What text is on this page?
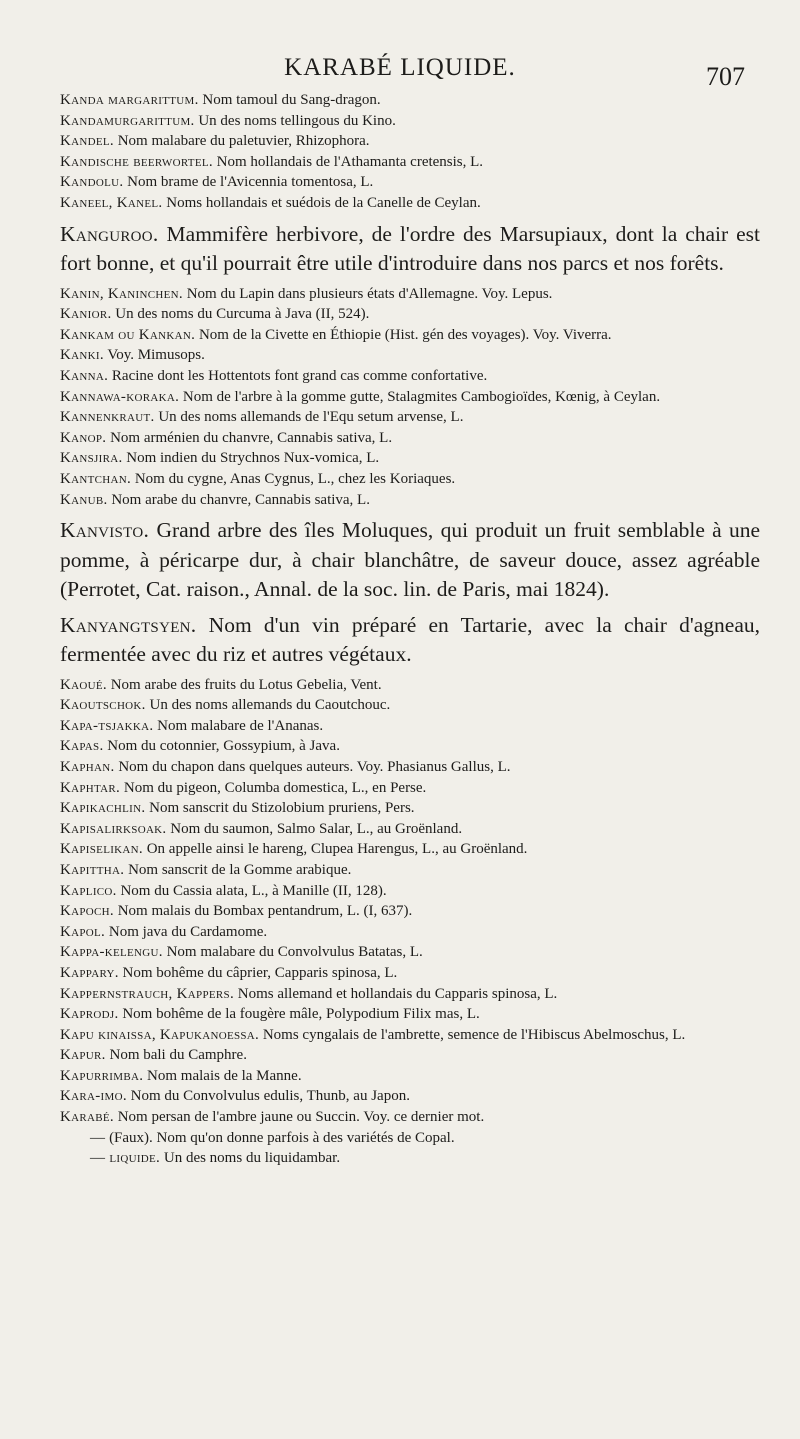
KARABÉ LIQUIDE.	707

Kanda margarittum. Nom tamoul du Sang-dragon.

Kandamurgarittum. Un des noms tellingous du Kino.

Kandel. Nom malabare du paletuvier, Rhizophora.

Kandische beerwortel. Nom hollandais de l'Athamanta cretensis, L.

Kandolu. Nom brame de l'Avicennia tomentosa, L.

Kaneel, Kanel. Noms hollandais et suédois de la Canelle de Ceylan.

Kanguroo. Mammifère herbivore, de l'ordre des Marsupiaux, dont la chair est fort bonne, et qu'il pourrait être utile d'introduire dans nos parcs et nos forêts.

Kanin, Kaninchen. Nom du Lapin dans plusieurs états d'Allemagne. Voy. Lepus.

Kanior. Un des noms du Curcuma à Java (II, 524).

Kankam ou Kankan. Nom de la Civette en Éthiopie (Hist. gén des voyages). Voy. Viverra.

Kanki. Voy. Mimusops.

Kanna. Racine dont les Hottentots font grand cas comme confortative.

Kannawa-koraka. Nom de l'arbre à la gomme gutte, Stalagmites Cambogioïdes, Kœnig, à Ceylan.

Kannenkraut. Un des noms allemands de l'Equ setum arvense, L.

Kanop. Nom arménien du chanvre, Cannabis sativa, L.

Kansjira. Nom indien du Strychnos Nux-vomica, L.

Kantchan. Nom du cygne, Anas Cygnus, L., chez les Koriaques.

Kanub. Nom arabe du chanvre, Cannabis sativa, L.

Kanvisto. Grand arbre des îles Moluques, qui produit un fruit semblable à une pomme, à péricarpe dur, à chair blanchâtre, de saveur douce, assez agréable (Perrotet, Cat. raison., Annal. de la soc. lin. de Paris, mai 1824).

Kanyangtsyen. Nom d'un vin préparé en Tartarie, avec la chair d'agneau, fermentée avec du riz et autres végétaux.

Kaoué. Nom arabe des fruits du Lotus Gebelia, Vent.

Kaoutschok. Un des noms allemands du Caoutchouc.

Kapa-tsjakka. Nom malabare de l'Ananas.

Kapas. Nom du cotonnier, Gossypium, à Java.

Kaphan. Nom du chapon dans quelques auteurs. Voy. Phasianus Gallus, L.

Kaphtar. Nom du pigeon, Columba domestica, L., en Perse.

Kapikachlin. Nom sanscrit du Stizolobium pruriens, Pers.

Kapisalirksoak. Nom du saumon, Salmo Salar, L., au Groënland.

Kapiselikan. On appelle ainsi le hareng, Clupea Harengus, L., au Groënland.

Kapittha. Nom sanscrit de la Gomme arabique.

Kaplico. Nom du Cassia alata, L., à Manille (II, 128).

Kapoch. Nom malais du Bombax pentandrum, L. (I, 637).

Kapol. Nom java du Cardamome.

Kappa-kelengu. Nom malabare du Convolvulus Batatas, L.

Kappary. Nom bohême du câprier, Capparis spinosa, L.

Kappernstrauch, Kappers. Noms allemand et hollandais du Capparis spinosa, L.

Kaprodj. Nom bohême de la fougère mâle, Polypodium Filix mas, L.

Kapu kinaissa, Kapukanoessa. Noms cyngalais de l'ambrette, semence de l'Hibiscus Abelmoschus, L.

Kapur. Nom bali du Camphre.

Kapurrimba. Nom malais de la Manne.

Kara-imo. Nom du Convolvulus edulis, Thunb, au Japon.

Karabé. Nom persan de l'ambre jaune ou Succin. Voy. ce dernier mot.

— (Faux). Nom qu'on donne parfois à des variétés de Copal.

— liquide. Un des noms du liquidambar.
